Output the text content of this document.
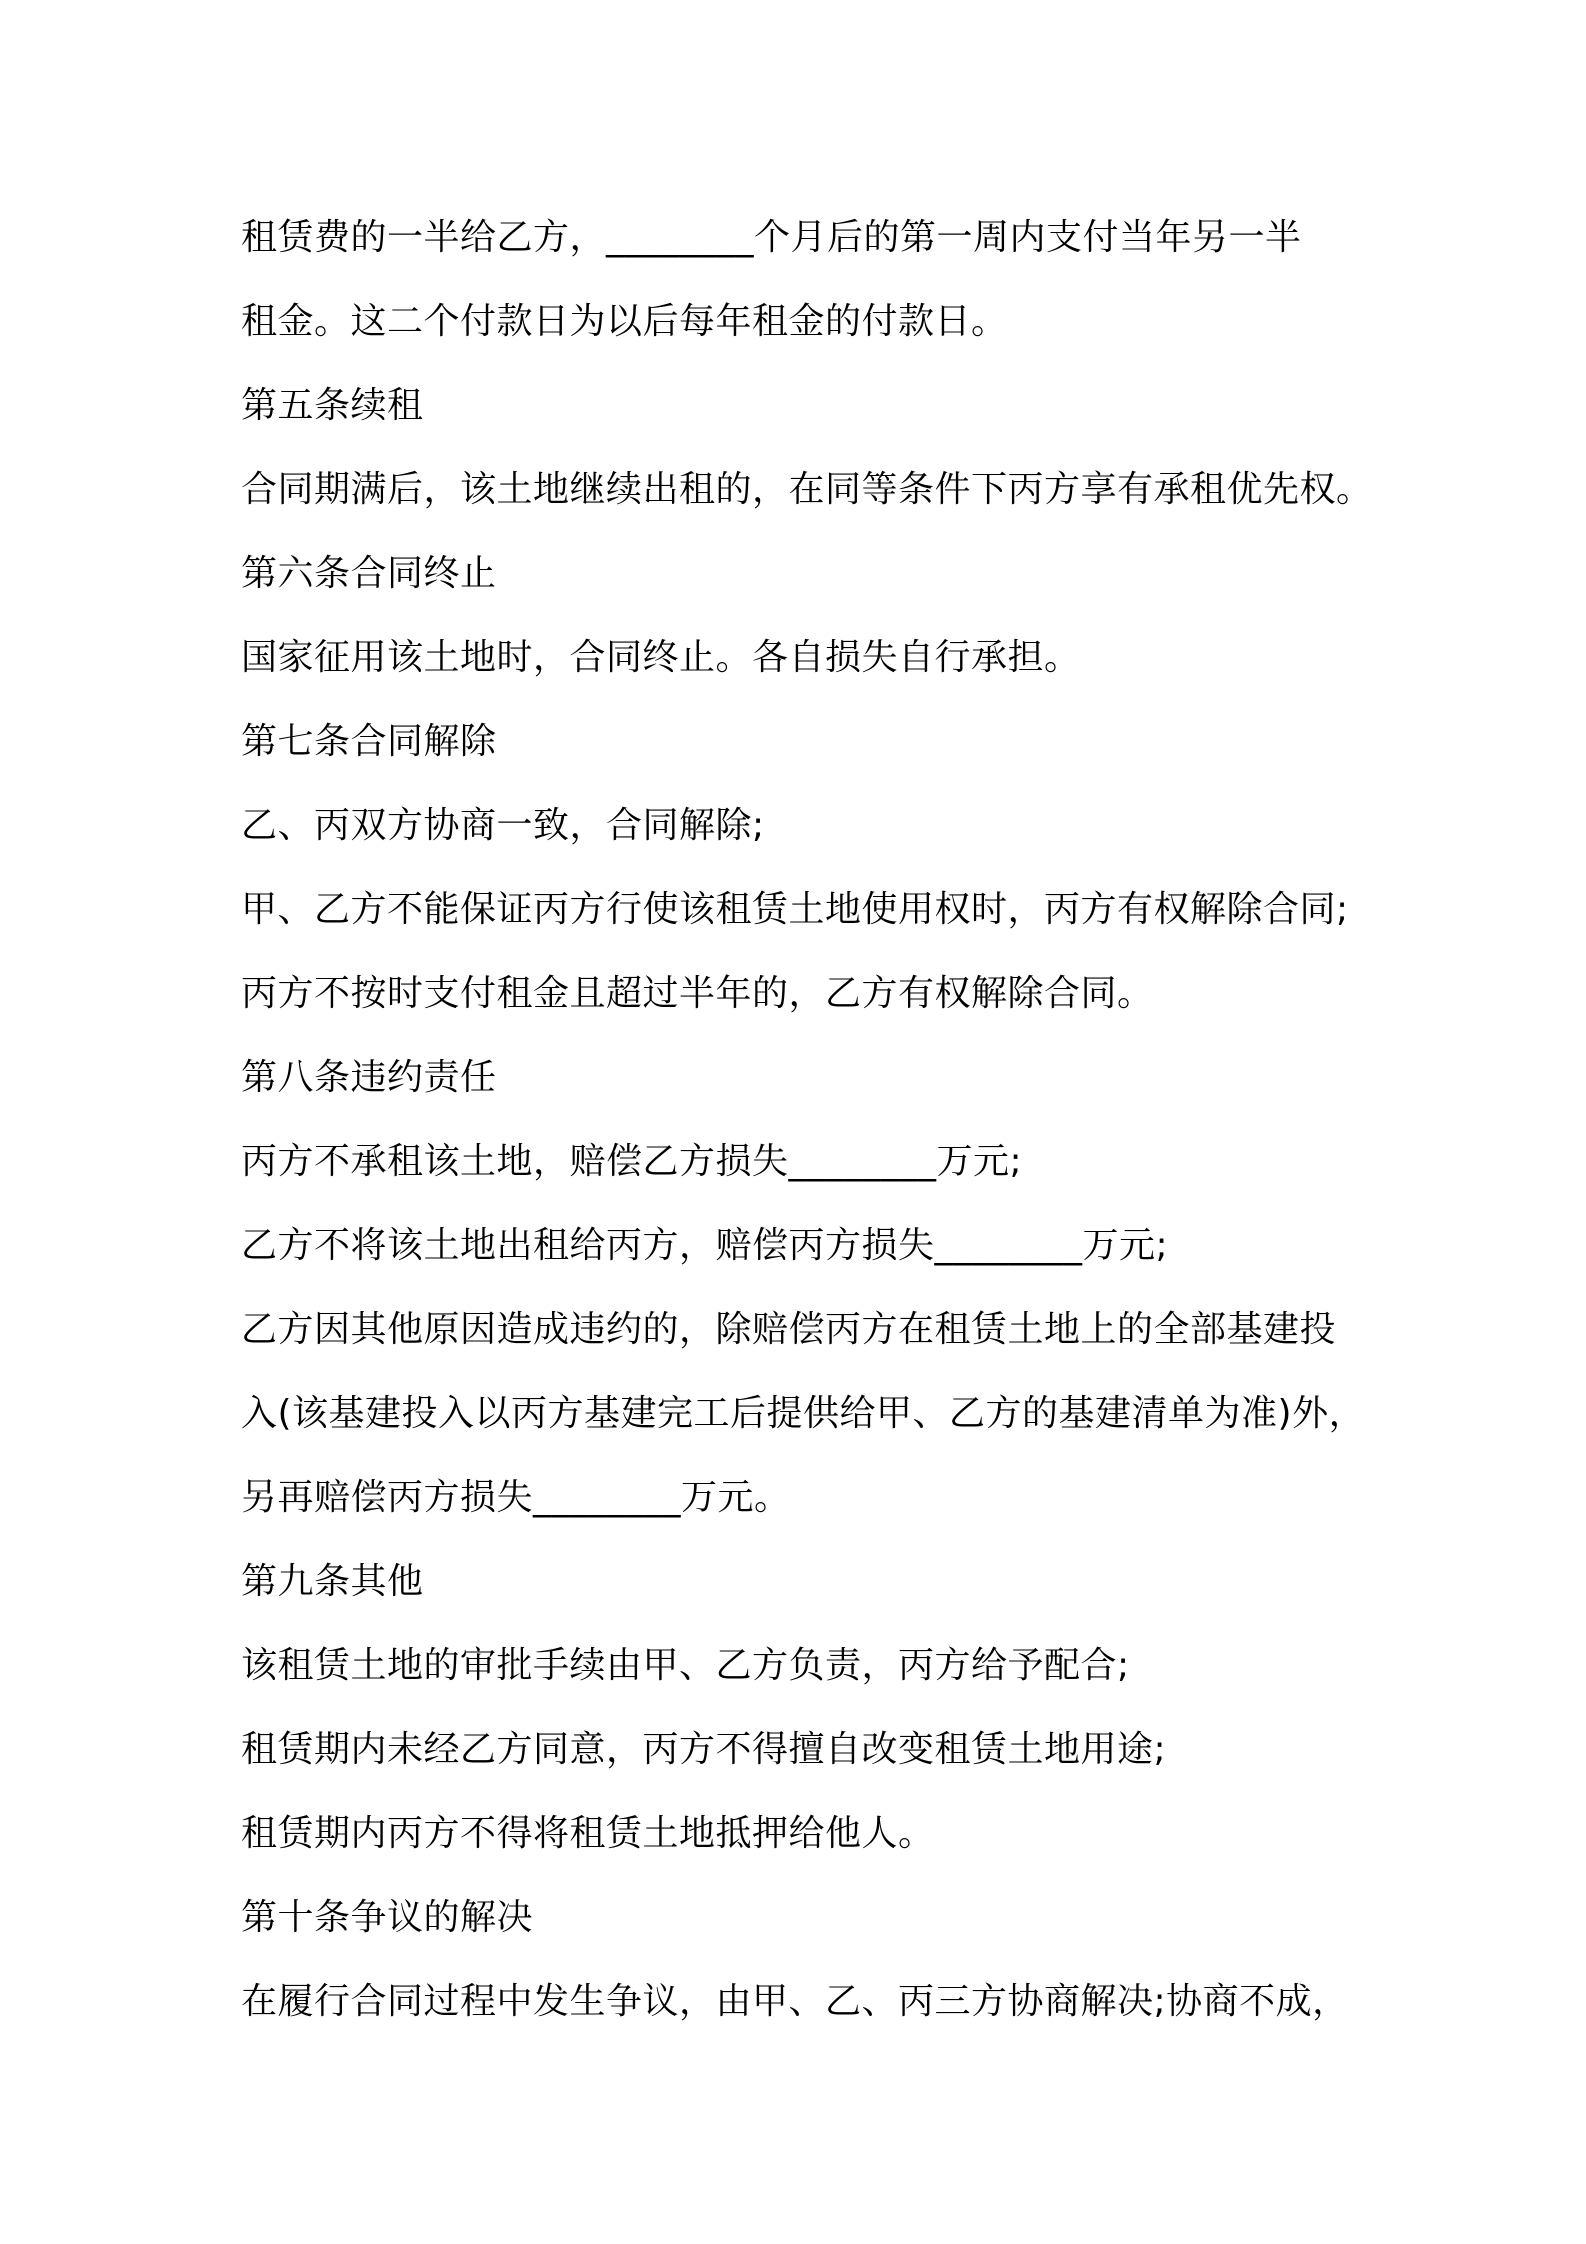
租赁费的一半给乙方，________个月后的第一周内支付当年另一半
租金。这二个付款日为以后每年租金的付款日。
第五条续租
合同期满后，该土地继续出租的，在同等条件下丙方享有承租优先权。
第六条合同终止
国家征用该土地时，合同终止。各自损失自行承担。
第七条合同解除
乙、丙双方协商一致，合同解除;
甲、乙方不能保证丙方行使该租赁土地使用权时，丙方有权解除合同;
丙方不按时支付租金且超过半年的，乙方有权解除合同。
第八条违约责任
丙方不承租该土地，赔偿乙方损失________万元;
乙方不将该土地出租给丙方，赔偿丙方损失________万元;
乙方因其他原因造成违约的，除赔偿丙方在租赁土地上的全部基建投
入(该基建投入以丙方基建完工后提供给甲、乙方的基建清单为准)外，
另再赔偿丙方损失________万元。
第九条其他
该租赁土地的审批手续由甲、乙方负责，丙方给予配合;
租赁期内未经乙方同意，丙方不得擅自改变租赁土地用途;
租赁期内丙方不得将租赁土地抵押给他人。
第十条争议的解决
在履行合同过程中发生争议，由甲、乙、丙三方协商解决;协商不成，
